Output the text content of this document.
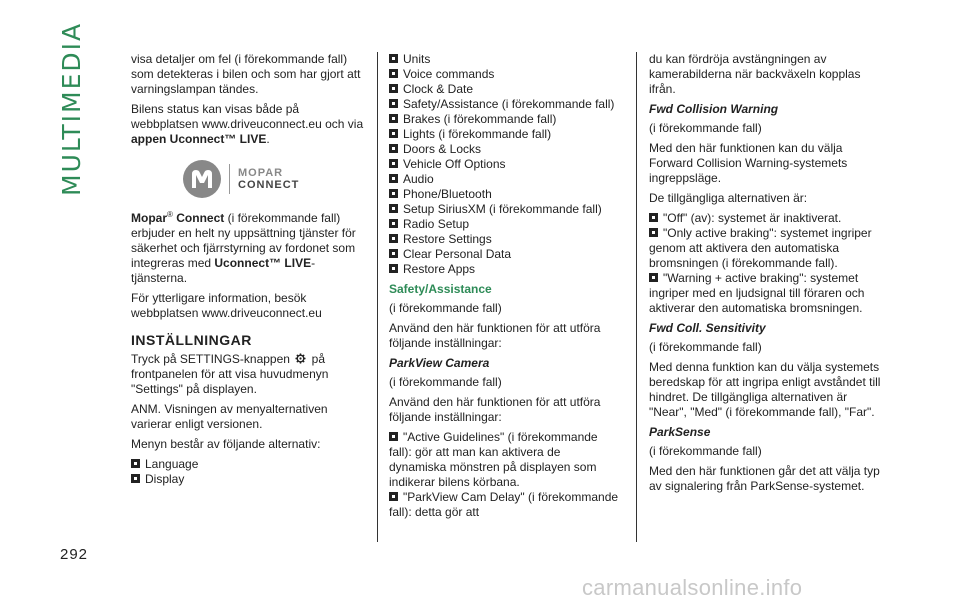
MULTIMEDIA
292

visa detaljer om fel (i förekommande fall) som detekteras i bilen och som har gjort att varningslampan tändes.

Bilens status kan visas både på webbplatsen www.driveuconnect.eu och via appen Uconnect™ LIVE.

MOPAR
CONNECT

Mopar® Connect (i förekommande fall) erbjuder en helt ny uppsättning tjänster för säkerhet och fjärrstyrning av fordonet som integreras med Uconnect™ LIVE-tjänsterna.

För ytterligare information, besök webbplatsen www.driveuconnect.eu

INSTÄLLNINGAR

Tryck på SETTINGS-knappen på frontpanelen för att visa huvudmenyn "Settings" på displayen.

ANM. Visningen av menyalternativen varierar enligt versionen.

Menyn består av följande alternativ:

Language
Display
Units
Voice commands
Clock & Date
Safety/Assistance (i förekommande fall)
Brakes (i förekommande fall)
Lights (i förekommande fall)
Doors & Locks
Vehicle Off Options
Audio
Phone/Bluetooth
Setup SiriusXM (i förekommande fall)
Radio Setup
Restore Settings
Clear Personal Data
Restore Apps

Safety/Assistance

(i förekommande fall)

Använd den här funktionen för att utföra följande inställningar:

ParkView Camera

(i förekommande fall)

Använd den här funktionen för att utföra följande inställningar:

"Active Guidelines" (i förekommande fall): gör att man kan aktivera de dynamiska mönstren på displayen som indikerar bilens körbana.
"ParkView Cam Delay" (i förekommande fall): detta gör att

du kan fördröja avstängningen av kamerabilderna när backväxeln kopplas ifrån.

Fwd Collision Warning

(i förekommande fall)

Med den här funktionen kan du välja Forward Collision Warning-systemets ingreppsläge.

De tillgängliga alternativen är:

"Off" (av): systemet är inaktiverat.
"Only active braking": systemet ingriper genom att aktivera den automatiska bromsningen (i förekommande fall).
"Warning + active braking": systemet ingriper med en ljudsignal till föraren och aktiverar den automatiska bromsningen.

Fwd Coll. Sensitivity

(i förekommande fall)

Med denna funktion kan du välja systemets beredskap för att ingripa enligt avståndet till hindret. De tillgängliga alternativen är "Near", "Med" (i förekommande fall), "Far".

ParkSense

(i förekommande fall)

Med den här funktionen går det att välja typ av signalering från ParkSense-systemet.

carmanualsonline.info
